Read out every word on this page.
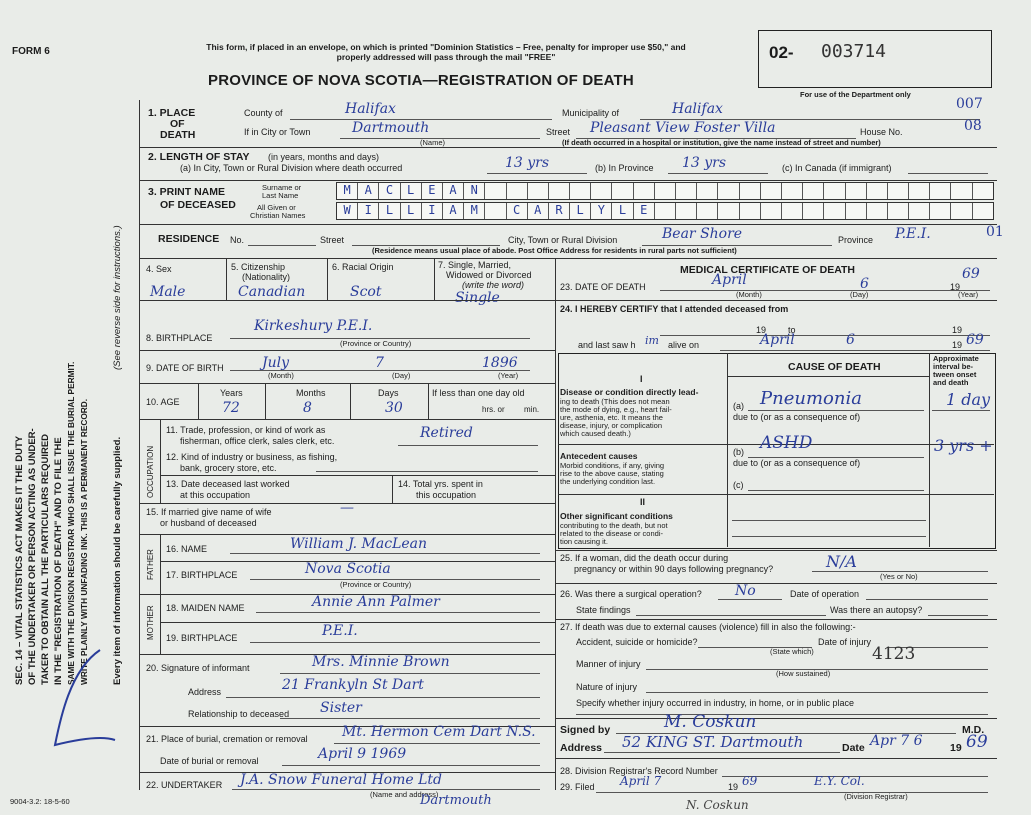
FORM 6	This form, if placed in an envelope, on which is printed "Dominion Statistics – Free, penalty for improper use $50," and properly addressed will pass through the mail "FREE"
PROVINCE OF NOVA SCOTIA—REGISTRATION OF DEATH
02- 003714
For use of the Department only
SEC. 14 – VITAL STATISTICS ACT MAKES IT THE DUTY OF THE UNDERTAKER OR PERSON ACTING AS UNDER- TAKER TO OBTAIN ALL THE PARTICULARS REQUIRED IN THE "REGISTRATION OF DEATH" AND TO FILE THE SAME WITH THE DIVISION REGISTRAR WHO SHALL ISSUE THE BURIAL PERMIT. WRITE PLAINLY WITH UNFADING INK. THIS IS A PERMANENT RECORD. Every item of information should be carefully supplied.
(See reverse side for instructions.)
1. PLACE
OF
DEATH
County of	Halifax	Municipality of	Halifax	007
If in City or Town	Dartmouth
(Name)
Street Pleasant View Foster Villa	House No.	08
(If death occurred in a hospital or institution, give the name instead of street and number)
2. LENGTH OF STAY (in years, months and days)
(a) In City, Town or Rural Division where death occurred	13 yrs	(b) In Province 13 yrs	(c) In Canada (if immigrant)
3. PRINT NAME
OF DECEASED
Surname or
Last Name
All Given or
Christian Names
M	A	C	L	E	A	N
W	I	L	L	I	A	M	C	A	R	L	Y	L	E
RESIDENCE No.	Street	City, Town or Rural Division	Bear Shore	Province P.E.I.	01
(Residence means usual place of abode. Post Office Address for residents in rural parts not sufficient)
4. Sex	5. Citizenship
(Nationality)
6. Racial Origin	7. Single, Married,
Widowed or Divorced
(write the word)
Male	Canadian	Scot	Single
8. BIRTHPLACE
Kirkeshury P.E.I.
(Province or Country)
9. DATE OF BIRTH	July	7	1896
(Month)	(Day)	(Year)
10. AGE
Years	Months	Days
72	8	30
If less than one day old
hrs. or min.
OCCUPATION
11. Trade, profession, or kind of work as
fisherman, office clerk, sales clerk, etc.	Retired
12. Kind of industry or business, as fishing,
bank, grocery store, etc.
13. Date deceased last worked
at this occupation
14. Total yrs. spent in
this occupation
15. If married give name of wife
or husband of deceased
—
FATHER
16. NAME	William J. MacLean
17. BIRTHPLACE	Nova Scotia
(Province or Country)
MOTHER 18. MAIDEN NAME	Annie Ann Palmer
19. BIRTHPLACE	P.E.I.
20. Signature of informant	Mrs. Minnie Brown
Address	21 Frankyln St Dart
Relationship to deceased Sister
21. Place of burial, cremation or removal Mt. Hermon Cem Dart N.S.
Date of burial or removal	April 9 1969
22. UNDERTAKER J.A. Snow Funeral Home Ltd
(Name and address)
Dartmouth
9004-3.2: 18-5-60
MEDICAL CERTIFICATE OF DEATH
23. DATE OF DEATH	April	6	19
69
(Month)	(Day)	(Year)
24. I HEREBY CERTIFY that I attended deceased from
19 to	19
and last saw h im alive on	April	6	19 69
CAUSE OF DEATH
Approximate
interval be-
tween onset
and death
I
Disease or condition directly lead-
ing to death (This does not mean
the mode of dying, e.g., heart fail-
ure, asthenia, etc. It means the
disease, injury, or complication
which caused death.)
(a) Pneumonia	1 day
due to (or as a consequence of)
ASHD	3 yrs +
Antecedent causes
Morbid conditions, if any, giving
rise to the above cause, stating
the underlying condition last.
(b)
due to (or as a consequence of)
(c)
II
Other significant conditions
contributing to the death, but not
related to the disease or condi-
tion causing it.
25. If a woman, did the death occur during
pregnancy or within 90 days following pregnancy?	N/A
(Yes or No)
26. Was there a surgical operation? No	Date of operation
State findings	Was there an autopsy?
27. If death was due to external causes (violence) fill in also the following:-
Accident, suicide or homicide?	Date of injury
(State which)
Manner of injury	4123
(How sustained)
Nature of injury
Specify whether injury occurred in industry, in home, or in public place
Signed by	M. Coskun	M.D.
Address 52 KING ST. Dartmouth	Date Apr 7 6	19 69
28. Division Registrar's Record Number
29. Filed April 7	19 69	E.Y. Col.
(Division Registrar)
N. Coskun
